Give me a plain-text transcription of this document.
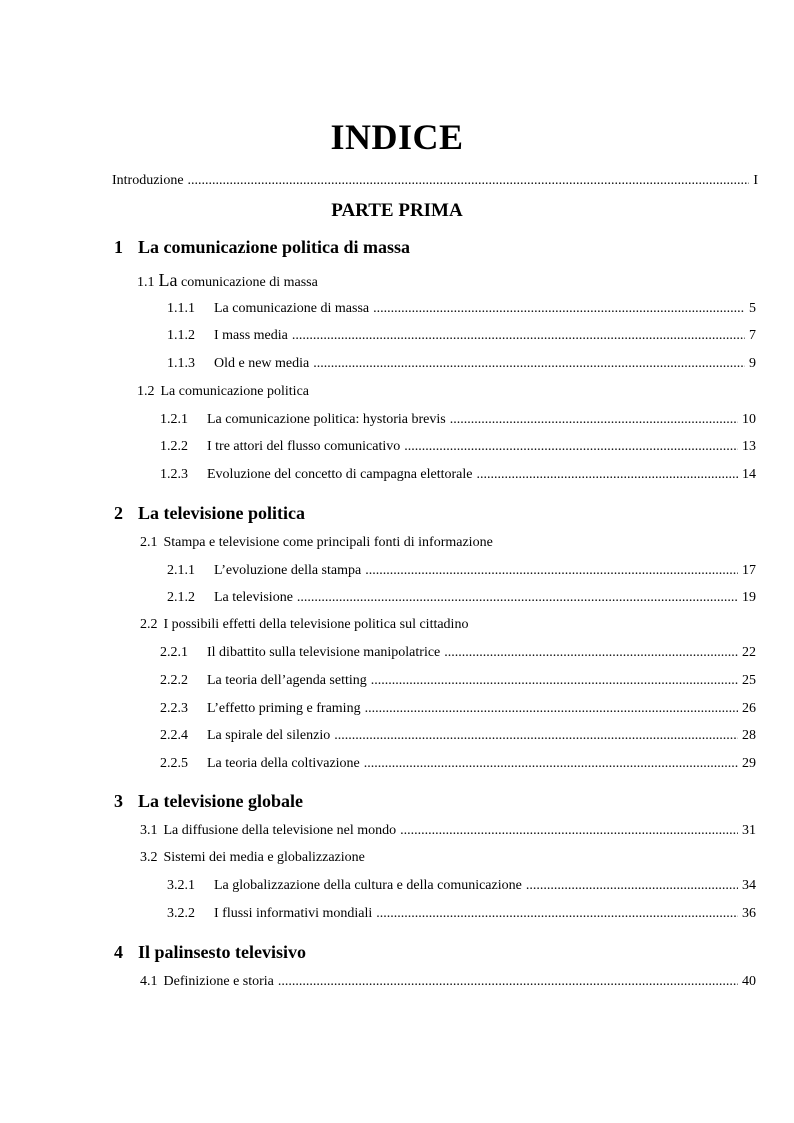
INDICE
Introduzione .....	I
PARTE PRIMA
1 La comunicazione politica di massa
1.1 La comunicazione di massa
1.1.1 La comunicazione di massa .....	5
1.1.2 I mass media .....	7
1.1.3 Old e new media .....	9
1.2 La comunicazione politica
1.2.1 La comunicazione politica: hystoria brevis .....	10
1.2.2 I tre attori del flusso comunicativo .....	13
1.2.3 Evoluzione del concetto di campagna elettorale .....	14
2 La televisione politica
2.1 Stampa e televisione come principali fonti di informazione
2.1.1 L’evoluzione della stampa .....	17
2.1.2 La televisione .....	19
2.2 I possibili effetti della televisione politica sul cittadino
2.2.1 Il dibattito sulla televisione manipolatrice .....	22
2.2.2 La teoria dell’agenda setting .....	25
2.2.3 L’effetto priming e framing .....	26
2.2.4 La spirale del silenzio .....	28
2.2.5 La teoria della coltivazione .....	29
3 La televisione globale
3.1 La diffusione della televisione nel mondo .....	31
3.2 Sistemi dei media e globalizzazione
3.2.1 La globalizzazione della cultura e della comunicazione .....	34
3.2.2 I flussi informativi mondiali .....	36
4 Il palinsesto televisivo
4.1 Definizione e storia .....	40
